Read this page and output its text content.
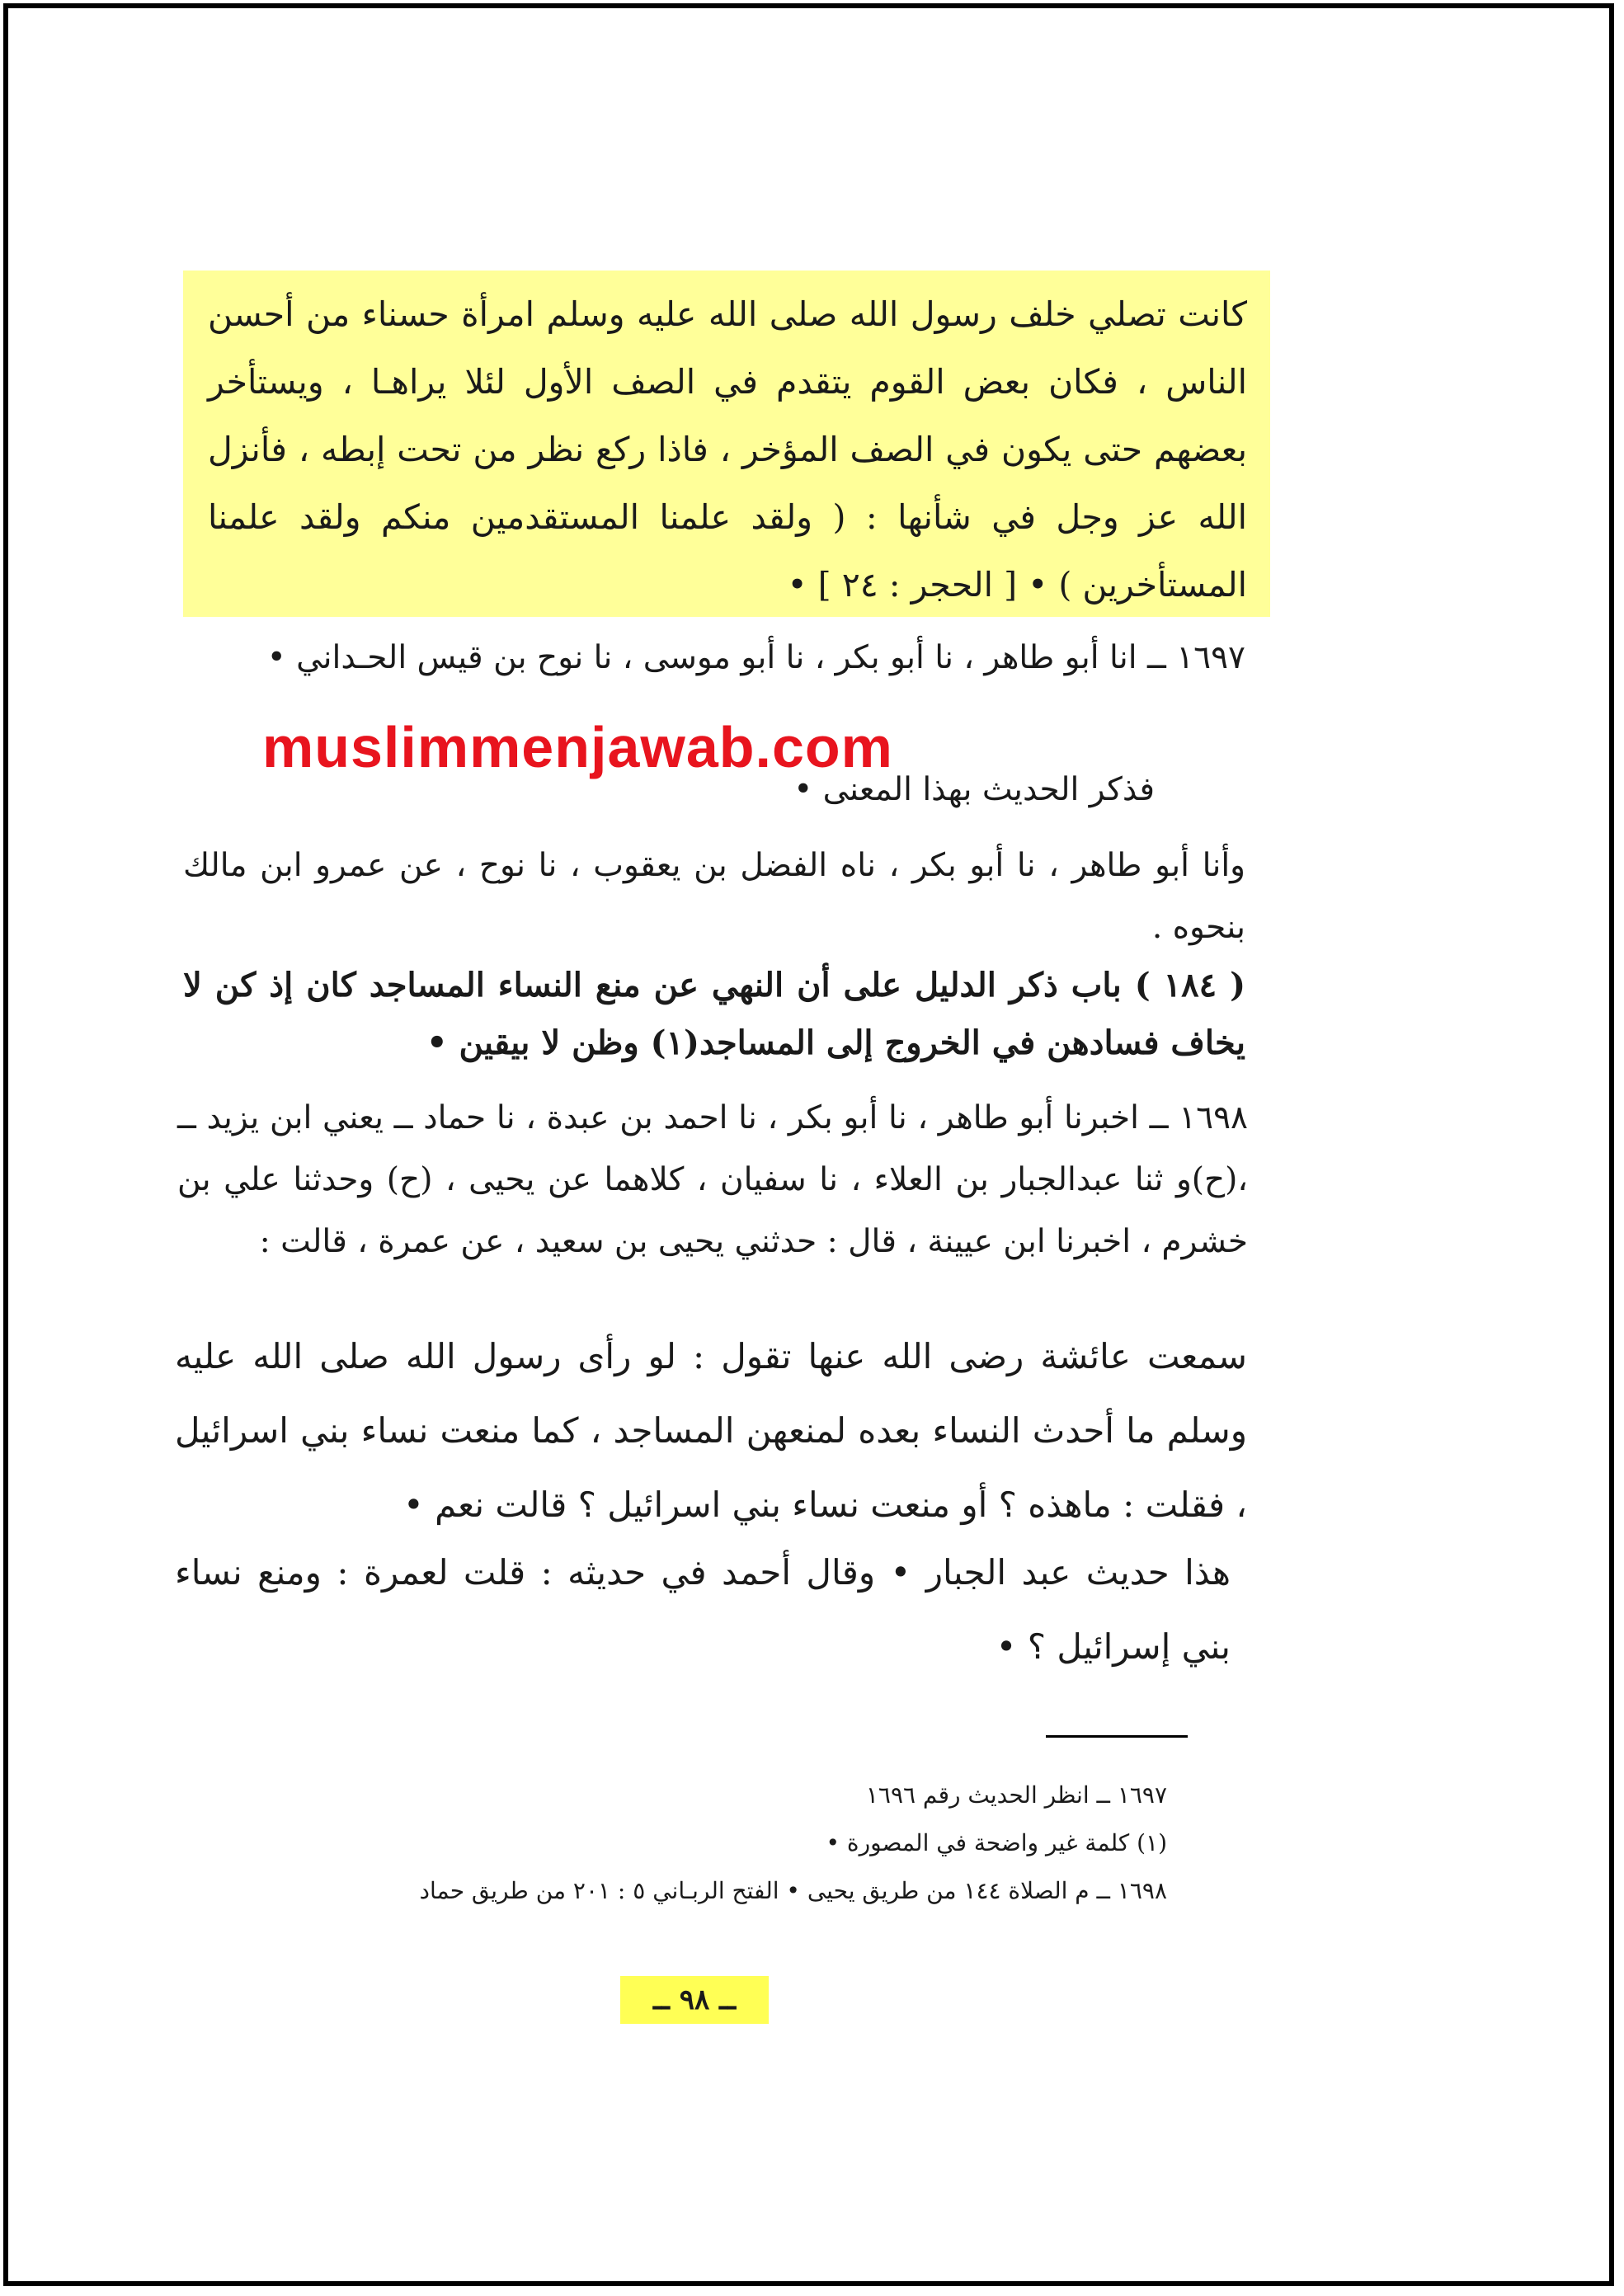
كانت تصلي خلف رسول الله صلى الله عليه وسلم امرأة حسناء من أحسن الناس ، فكان بعض القوم يتقدم في الصف الأول لئلا يراهـا ، ويستأخر بعضهم حتى يكون في الصف المؤخر ، فاذا ركع نظر من تحت إبطه ، فأنزل الله عز وجل في شأنها : ( ولقد علمنا المستقدمين منكم ولقد علمنا المستأخرين ) • [ الحجر : ٢٤ ] •
١٦٩٧ ــ انا أبو طاهر ، نا أبو بكر ، نا أبو موسى ، نا نوح بن قيس الحـداني •
muslimmenjawab.com
فذكر الحديث بهذا المعنى •
وأنا أبو طاهر ، نا أبو بكر ، ناه الفضل بن يعقوب ، نا نوح ، عن عمرو ابن مالك بنحوه .
( ١٨٤ ) باب ذكر الدليل على أن النهي عن منع النساء المساجد كان إذ كن لا يخاف فسادهن في الخروج إلى المساجد(١) وظن لا بيقين •
١٦٩٨ ــ اخبرنا أبو طاهر ، نا أبو بكر ، نا احمد بن عبدة ، نا حماد ــ يعني ابن يزيد ــ ،(ح)و ثنا عبدالجبار بن العلاء ، نا سفيان ، كلاهما عن يحيى ، (ح) وحدثنا علي بن خشرم ، اخبرنا ابن عيينة ، قال : حدثني يحيى بن سعيد ، عن عمرة ، قالت :
سمعت عائشة رضى الله عنها تقول : لو رأى رسول الله صلى الله عليه وسلم ما أحدث النساء بعده لمنعهن المساجد ، كما منعت نساء بني اسرائيل ، فقلت : ماهذه ؟ أو منعت نساء بني اسرائيل ؟ قالت نعم •
هذا حديث عبد الجبار • وقال أحمد في حديثه : قلت لعمرة : ومنع نساء بني إسرائيل ؟ •
١٦٩٧ ــ انظر الحديث رقم ١٦٩٦
(١) كلمة غير واضحة في المصورة •
١٦٩٨ ــ م الصلاة ١٤٤ من طريق يحيى • الفتح الربـاني ٥ : ٢٠١ من طريق حماد
ــ ٩٨ ــ
